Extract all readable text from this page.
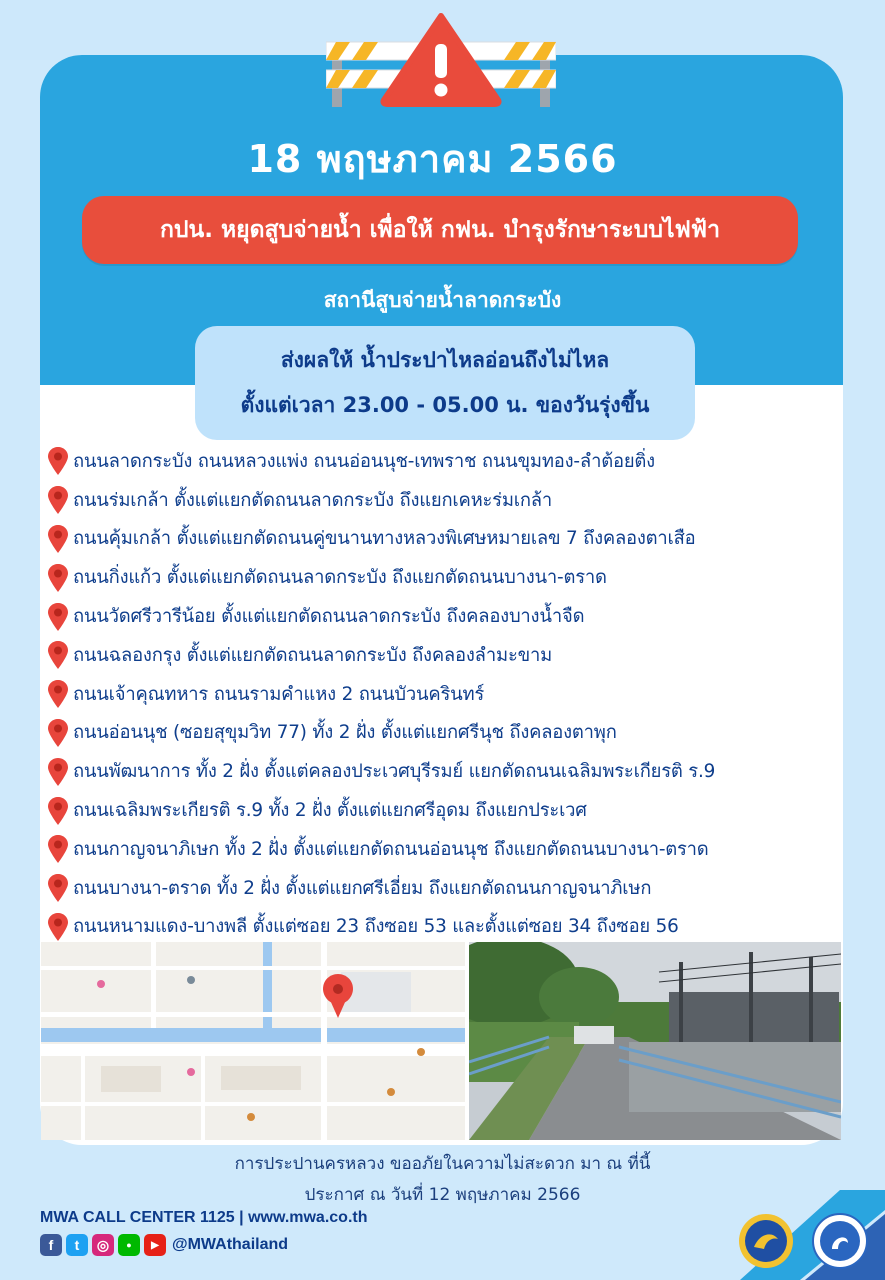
18 พฤษภาคม 2566
กปน. หยุดสูบจ่ายน้ำ เพื่อให้ กฟน. บำรุงรักษาระบบไฟฟ้า
สถานีสูบจ่ายน้ำลาดกระบัง
ส่งผลให้ น้ำประปาไหลอ่อนถึงไม่ไหล
ตั้งแต่เวลา 23.00 - 05.00 น. ของวันรุ่งขึ้น
ถนนลาดกระบัง ถนนหลวงแพ่ง ถนนอ่อนนุช-เทพราช ถนนขุมทอง-ลำต้อยติ่ง
ถนนร่มเกล้า ตั้งแต่แยกตัดถนนลาดกระบัง ถึงแยกเคหะร่มเกล้า
ถนนคุ้มเกล้า ตั้งแต่แยกตัดถนนคู่ขนานทางหลวงพิเศษหมายเลข 7 ถึงคลองตาเสือ
ถนนกิ่งแก้ว ตั้งแต่แยกตัดถนนลาดกระบัง ถึงแยกตัดถนนบางนา-ตราด
ถนนวัดศรีวารีน้อย ตั้งแต่แยกตัดถนนลาดกระบัง ถึงคลองบางน้ำจืด
ถนนฉลองกรุง ตั้งแต่แยกตัดถนนลาดกระบัง ถึงคลองลำมะขาม
ถนนเจ้าคุณทหาร ถนนรามคำแหง 2 ถนนบัวนครินทร์
ถนนอ่อนนุช (ซอยสุขุมวิท 77) ทั้ง 2 ฝั่ง ตั้งแต่แยกศรีนุช ถึงคลองตาพุก
ถนนพัฒนาการ ทั้ง 2 ฝั่ง ตั้งแต่คลองประเวศบุรีรมย์ แยกตัดถนนเฉลิมพระเกียรติ ร.9
ถนนเฉลิมพระเกียรติ ร.9 ทั้ง 2 ฝั่ง ตั้งแต่แยกศรีอุดม ถึงแยกประเวศ
ถนนกาญจนาภิเษก ทั้ง 2 ฝั่ง ตั้งแต่แยกตัดถนนอ่อนนุช ถึงแยกตัดถนนบางนา-ตราด
ถนนบางนา-ตราด ทั้ง 2 ฝั่ง ตั้งแต่แยกศรีเอี่ยม ถึงแยกตัดถนนกาญจนาภิเษก
ถนนหนามแดง-บางพลี ตั้งแต่ซอย 23 ถึงซอย 53 และตั้งแต่ซอย 34 ถึงซอย 56
การประปานครหลวง ขออภัยในความไม่สะดวก มา ณ ที่นี้
ประกาศ ณ วันที่ 12 พฤษภาคม 2566
MWA CALL CENTER 1125 | www.mwa.co.th
f	t	◎	●	▶ @MWAthailand
